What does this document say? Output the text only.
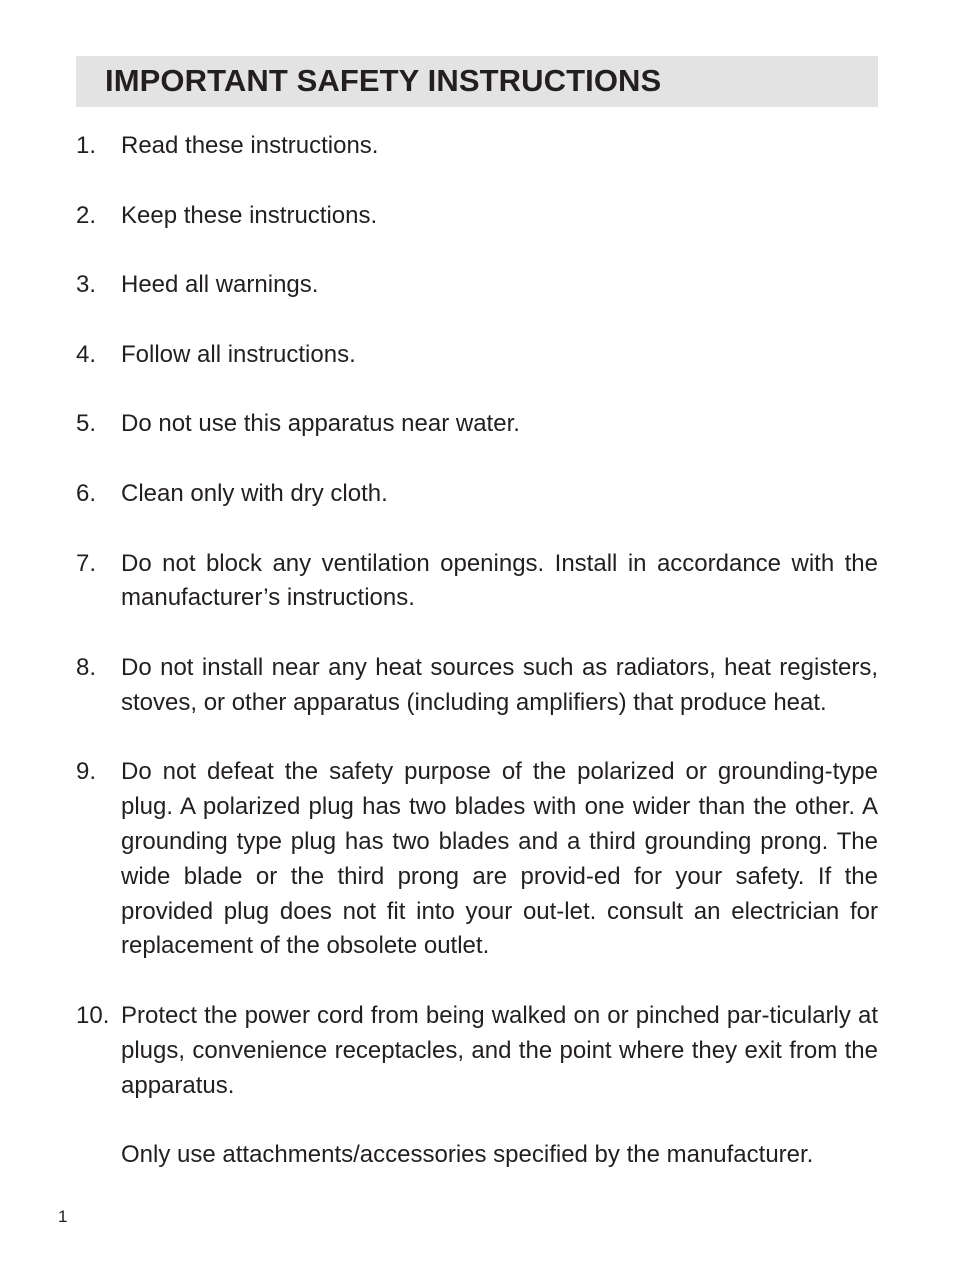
IMPORTANT SAFETY INSTRUCTIONS
1. Read these instructions.
2. Keep these instructions.
3. Heed all warnings.
4. Follow all instructions.
5. Do not use this apparatus near water.
6. Clean only with dry cloth.
7. Do not block any ventilation openings. Install in accordance with the manufacturer’s instructions.
8. Do not install near any heat sources such as radiators, heat registers, stoves, or other apparatus (including amplifiers) that produce heat.
9. Do not defeat the safety purpose of the polarized or grounding-type plug. A polarized plug has two blades with one wider than the other. A grounding type plug has two blades and a third grounding prong. The wide blade or the third prong are provid-ed for your safety. If the provided plug does not fit into your out-let. consult an electrician for replacement of the obsolete outlet.
10. Protect the power cord from being walked on or pinched par-ticularly at plugs, convenience receptacles, and the point where they exit from the apparatus.
Only use attachments/accessories specified by the manufacturer.
1
